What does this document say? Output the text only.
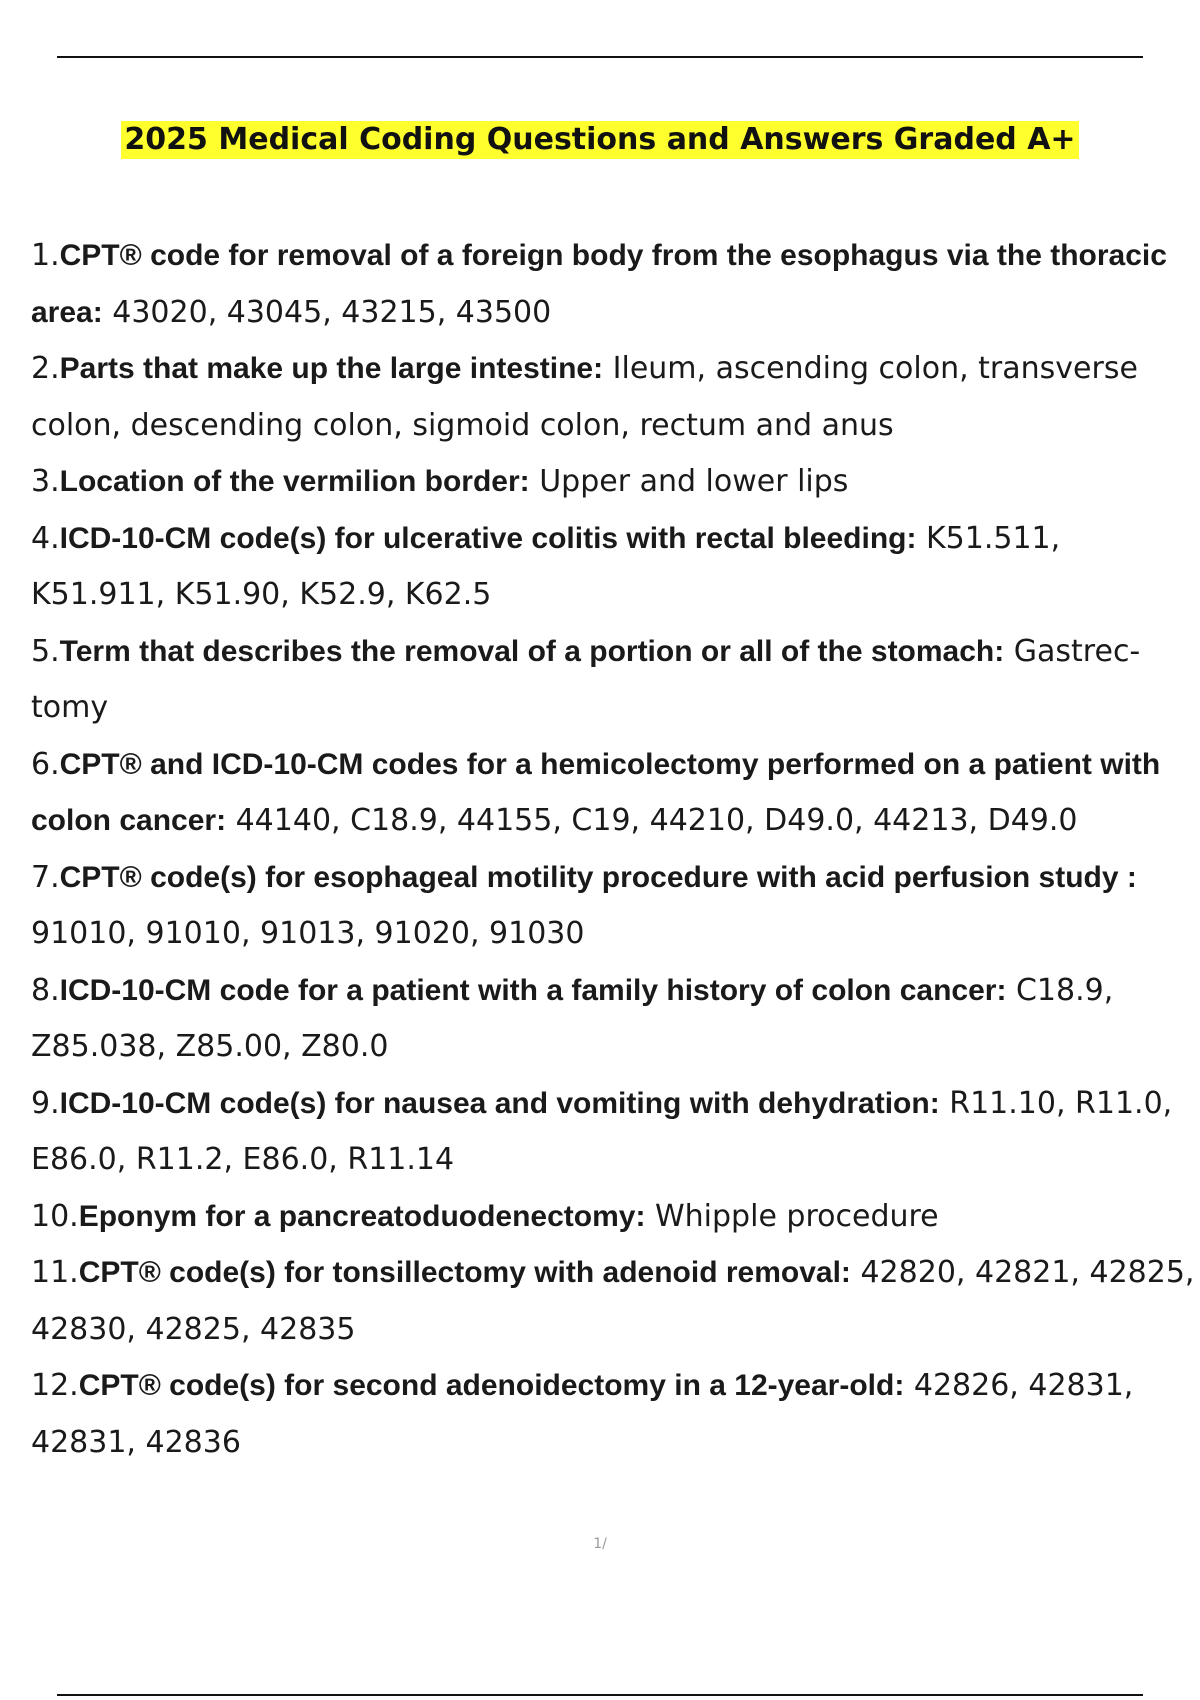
2025 Medical Coding Questions and Answers Graded A+
1.CPT® code for removal of a foreign body from the esophagus via the thoracic area: 43020, 43045, 43215, 43500
2.Parts that make up the large intestine: Ileum, ascending colon, transverse colon, descending colon, sigmoid colon, rectum and anus
3.Location of the vermilion border: Upper and lower lips
4.ICD-10-CM code(s) for ulcerative colitis with rectal bleeding: K51.511, K51.911, K51.90, K52.9, K62.5
5.Term that describes the removal of a portion or all of the stomach: Gastrec- tomy
6.CPT® and ICD-10-CM codes for a hemicolectomy performed on a patient with colon cancer: 44140, C18.9, 44155, C19, 44210, D49.0, 44213, D49.0
7.CPT® code(s) for esophageal motility procedure with acid perfusion study : 91010, 91010, 91013, 91020, 91030
8.ICD-10-CM code for a patient with a family history of colon cancer: C18.9, Z85.038, Z85.00, Z80.0
9.ICD-10-CM code(s) for nausea and vomiting with dehydration: R11.10, R11.0, E86.0, R11.2, E86.0, R11.14
10.Eponym for a pancreatoduodenectomy: Whipple procedure
11.CPT® code(s) for tonsillectomy with adenoid removal: 42820, 42821, 42825, 42830, 42825, 42835
12.CPT® code(s) for second adenoidectomy in a 12-year-old: 42826, 42831, 42831, 42836
1/
